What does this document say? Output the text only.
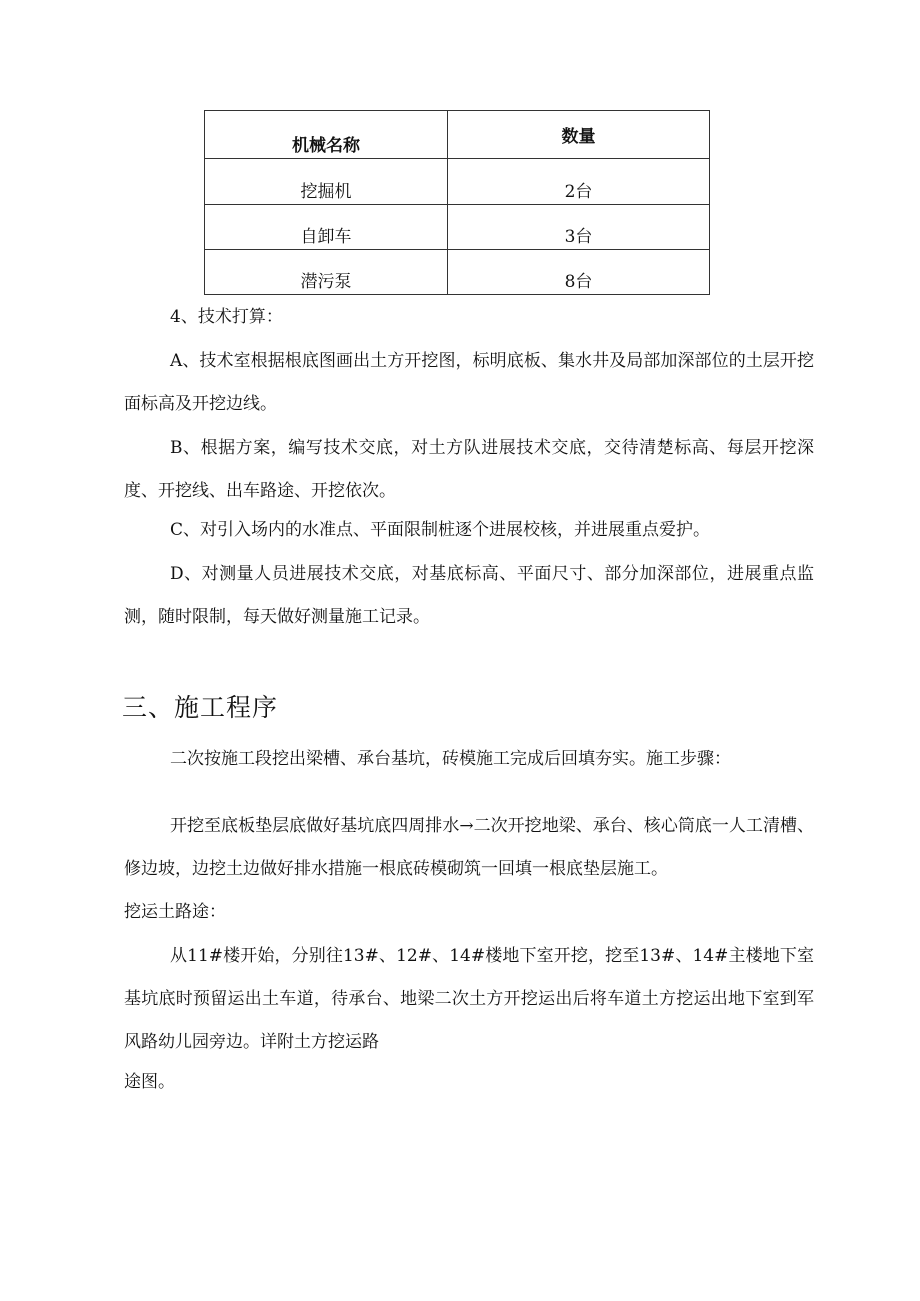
机械名称	数量
挖掘机	2台
自卸车	3台
潜污泵	8台

4、技术打算：

A、技术室根据根底图画出土方开挖图，标明底板、集水井及局部加深部位的土层开挖面标高及开挖边线。

B、根据方案，编写技术交底，对土方队进展技术交底，交待清楚标高、每层开挖深度、开挖线、出车路途、开挖依次。

C、对引入场内的水准点、平面限制桩逐个进展校核，并进展重点爱护。

D、对测量人员进展技术交底，对基底标高、平面尺寸、部分加深部位，进展重点监测，随时限制，每天做好测量施工记录。

三、施工程序

二次按施工段挖出梁槽、承台基坑，砖模施工完成后回填夯实。施工步骤：

开挖至底板垫层底做好基坑底四周排水→二次开挖地梁、承台、核心筒底一人工清槽、修边坡，边挖土边做好排水措施一根底砖模砌筑一回填一根底垫层施工。

挖运土路途：

从11#楼开始，分别往13#、12#、14#楼地下室开挖，挖至13#、14#主楼地下室基坑底时预留运出土车道，待承台、地梁二次土方开挖运出后将车道土方挖运出地下室到军风路幼儿园旁边。详附土方挖运路

途图。
